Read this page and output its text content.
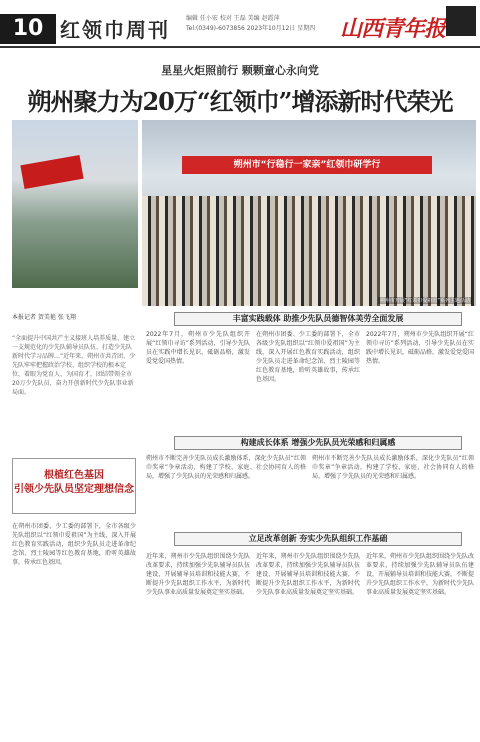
10 红领巾周刊	编辑 任小宏 校对 王磊 美编 赵霞萍
Tel:(0349)-6073856 2023年10月12日 星期四	山西青年报
星星火炬照前行 颗颗童心永向党
朔州聚力为20万“红领巾”增添新时代荣光
朔州市“行稳行一家亲”红领巾研学行
朔州市开展“红领巾爱祖国”系列主题活动
本报记者 贺美艳 张飞翔
“全面提升中国共产主义接班人培养质量、建立一支规范化的少先队辅导员队伍、打造少先队新时代学习品牌…”近年来，朔州市共青团、少先队牢牢把握政治学校、组织学校的根本定位，着眼为党育人、为国育才，团结带领全市20万少先队员，奋力开创新时代少先队事业新局面。
根植红色基因
引领少先队员坚定理想信念
丰富实践载体 助推少先队员德智体美劳全面发展
构建成长体系 增强少先队员光荣感和归属感
立足改革创新 夯实少先队组织工作基础
在朔州市团委、少工委的部署下，全市各级少先队组织以“红领巾爱祖国”为主线，深入开展红色教育实践活动，组织少先队员走进革命纪念馆、烈士陵园等红色教育基地，聆听英雄故事，传承红色基因。
2022年7月，朔州市少先队组织开展“红领巾寻访”系列活动，引导少先队员在实践中增长见识，砥砺品格，激发爱党爱国热情。
在朔州市团委、少工委的部署下，全市各级少先队组织以“红领巾爱祖国”为主线，深入开展红色教育实践活动，组织少先队员走进革命纪念馆、烈士陵园等红色教育基地，聆听英雄故事，传承红色基因。
2022年7月，朔州市少先队组织开展“红领巾寻访”系列活动，引导少先队员在实践中增长见识，砥砺品格，激发爱党爱国热情。
朔州市不断完善少先队员成长激励体系，深化少先队员“红领巾奖章”争章活动，构建了学校、家庭、社会协同育人的格局，增强了少先队员的光荣感和归属感。
朔州市不断完善少先队员成长激励体系，深化少先队员“红领巾奖章”争章活动，构建了学校、家庭、社会协同育人的格局，增强了少先队员的光荣感和归属感。
近年来，朔州市少先队组织围绕少先队改革要求，持续加强少先队辅导员队伍建设，开展辅导员培训和技能大赛，不断提升少先队组织工作水平，为新时代少先队事业高质量发展奠定坚实基础。
近年来，朔州市少先队组织围绕少先队改革要求，持续加强少先队辅导员队伍建设，开展辅导员培训和技能大赛，不断提升少先队组织工作水平，为新时代少先队事业高质量发展奠定坚实基础。
近年来，朔州市少先队组织围绕少先队改革要求，持续加强少先队辅导员队伍建设，开展辅导员培训和技能大赛，不断提升少先队组织工作水平，为新时代少先队事业高质量发展奠定坚实基础。
